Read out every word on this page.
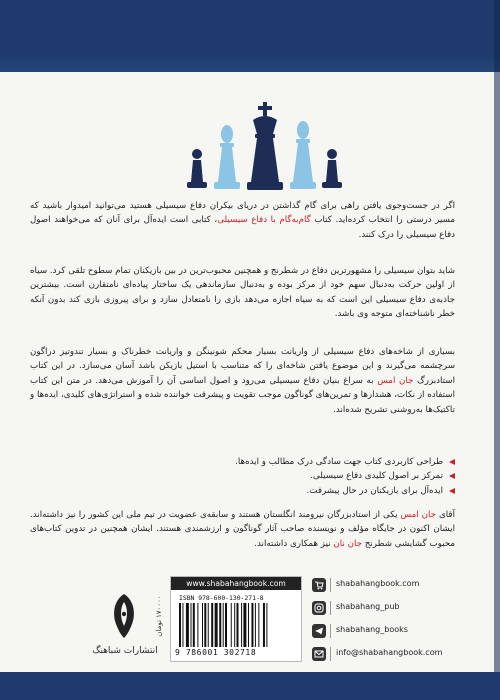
اگر در جست‌وجوی یافتن راهی برای گام گذاشتن در دریای بیکران دفاع سیسیلی هستید می‌توانید امیدوار باشید که مسیر درستی را انتخاب کرده‌اید. کتاب گام‌به‌گام با دفاع سیسیلی، کتابی است ایده‌آل برای آنان که می‌خواهند اصول دفاع سیسیلی را درک کنند.

شاید بتوان سیسیلی را مشهورترین دفاع در شطرنج و همچنین محبوب‌ترین در بین بازیکنان تمام سطوح تلقی کرد. سیاه از اولین حرکت به‌دنبال سهم خود از مرکز بوده و به‌دنبال سازماندهی یک ساختار پیاده‌ای نامتقارن است. بیشترین جاذبه‌ی دفاع سیسیلی این است که به سیاه اجازه می‌دهد بازی را نامتعادل سازد و برای پیروزی بازی کند بدون آنکه خطر ناشناخته‌ای متوجه وی باشد.

بسیاری از شاخه‌های دفاع سیسیلی از واریانت بسیار محکم شونینگن و واریانت خطرناک و بسیار تندوتیز دراگون سرچشمه می‌گیرند و این موضوع یافتن شاخه‌ای را که متناسب با استیل بازیکن باشد آسان می‌سازد. در این کتاب استادبزرگ جان امس به سراغ بنیان دفاع سیسیلی می‌رود و اصول اساسی آن را آموزش می‌دهد. در متن این کتاب استفاده از نکات، هشدارها و تمرین‌های گوناگون موجب تقویت و پیشرفت خواننده شده و استراتژی‌های کلیدی، ایده‌ها و تاکتیک‌ها به‌روشنی تشریح شده‌اند.

طراحی کاربردی کتاب جهت سادگی درک مطالب و ایده‌ها.
تمرکز بر اصول کلیدی دفاع سیسیلی.
ایده‌آل برای بازیکنان در حال پیشرفت.

آقای جان امس یکی از استادبزرگان نیرومند انگلستان هستند و سابقه‌ی عضویت در تیم ملی این کشور را نیز داشته‌اند. ایشان اکنون در جایگاه مؤلف و نویسنده صاحب آثار گوناگون و ارزشمندی هستند. ایشان همچنین در تدوین کتاب‌های محبوب گشایشی شطرنج جان نان نیز همکاری داشته‌اند.

انتشارات شباهنگ
۱۷۰۰۰۰ تومان
www.shabahangbook.com
ISBN 978-600-130-271-8
9 786001 302718
shabahangbook.com
shabahang_pub
shabahang_books
info@shabahangbook.com
